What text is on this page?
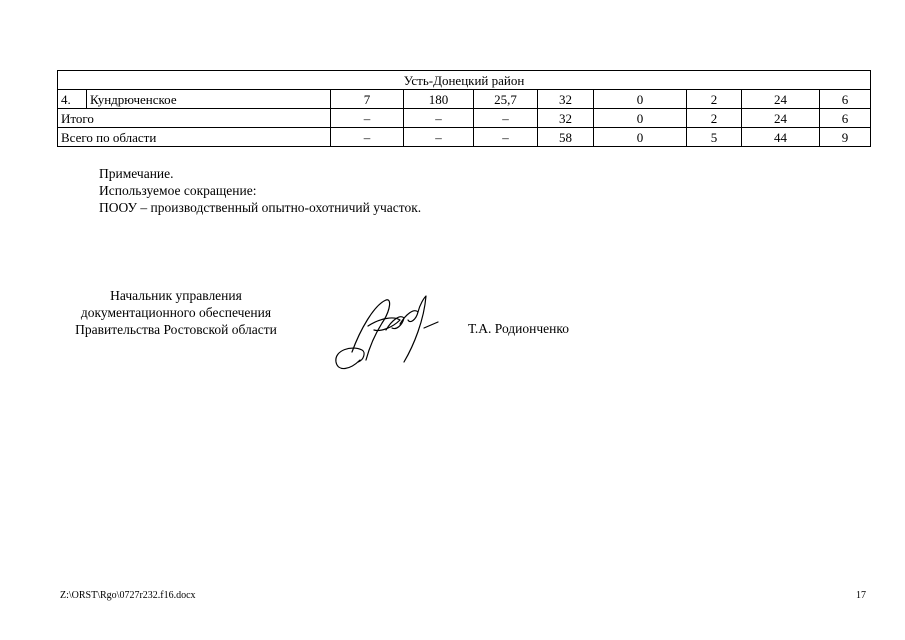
Усть-Донецкий район									
4.	Кундрюченское	7	180	25,7	32	0	2	24	6
Итого		–	–	–	32	0	2	24	6
Всего по области		–	–	–	58	0	5	44	9
Примечание.
Используемое сокращение:
ПООУ – производственный опытно-охотничий участок.
Начальник управления
документационного обеспечения
Правительства Ростовской области	Т.А. Родионченко
Z:\ORST\Rgo\0727r232.f16.docx	17
